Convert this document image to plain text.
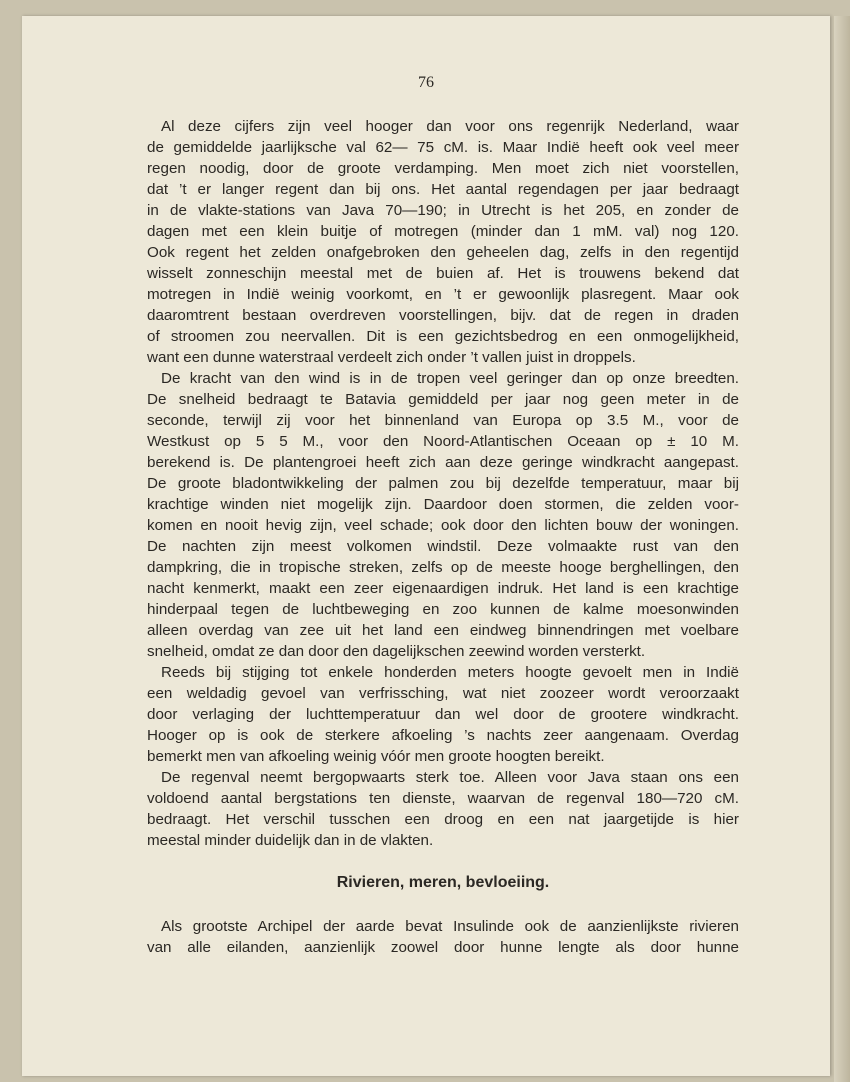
76

Al deze cijfers zijn veel hooger dan voor ons regenrijk Nederland, waar

de gemiddelde jaarlijksche val 62— 75 cM. is. Maar Indië heeft ook veel meer

regen noodig, door de groote verdamping. Men moet zich niet voorstellen,

dat ’t er langer regent dan bij ons. Het aantal regendagen per jaar bedraagt

in de vlakte-stations van Java 70—190; in Utrecht is het 205, en zonder de

dagen met een klein buitje of motregen (minder dan 1 mM. val) nog 120.

Ook regent het zelden onafgebroken den geheelen dag, zelfs in den regentijd

wisselt zonneschijn meestal met de buien af. Het is trouwens bekend dat

motregen in Indië weinig voorkomt, en ’t er gewoonlijk plasregent. Maar ook

daaromtrent bestaan overdreven voorstellingen, bijv. dat de regen in draden

of stroomen zou neervallen. Dit is een gezichtsbedrog en een onmogelijkheid,

want een dunne waterstraal verdeelt zich onder ’t vallen juist in droppels.

De kracht van den wind is in de tropen veel geringer dan op onze breedten.

De snelheid bedraagt te Batavia gemiddeld per jaar nog geen meter in de

seconde, terwijl zij voor het binnenland van Europa op 3.5 M., voor de

Westkust op 5 5 M., voor den Noord-Atlantischen Oceaan op ± 10 M.

berekend is. De plantengroei heeft zich aan deze geringe windkracht aangepast.

De groote bladontwikkeling der palmen zou bij dezelfde temperatuur, maar bij

krachtige winden niet mogelijk zijn. Daardoor doen stormen, die zelden voor-

komen en nooit hevig zijn, veel schade; ook door den lichten bouw der woningen.

De nachten zijn meest volkomen windstil. Deze volmaakte rust van den

dampkring, die in tropische streken, zelfs op de meeste hooge berghellingen, den

nacht kenmerkt, maakt een zeer eigenaardigen indruk. Het land is een krachtige

hinderpaal tegen de luchtbeweging en zoo kunnen de kalme moesonwinden

alleen overdag van zee uit het land een eindweg binnendringen met voelbare

snelheid, omdat ze dan door den dagelijkschen zeewind worden versterkt.

Reeds bij stijging tot enkele honderden meters hoogte gevoelt men in Indië

een weldadig gevoel van verfrissching, wat niet zoozeer wordt veroorzaakt

door verlaging der luchttemperatuur dan wel door de grootere windkracht.

Hooger op is ook de sterkere afkoeling ’s nachts zeer aangenaam. Overdag

bemerkt men van afkoeling weinig vóór men groote hoogten bereikt.

De regenval neemt bergopwaarts sterk toe. Alleen voor Java staan ons een

voldoend aantal bergstations ten dienste, waarvan de regenval 180—720 cM.

bedraagt. Het verschil tusschen een droog en een nat jaargetijde is hier

meestal minder duidelijk dan in de vlakten.

Rivieren, meren, bevloeiing.

Als grootste Archipel der aarde bevat Insulinde ook de aanzienlijkste rivieren

van alle eilanden, aanzienlijk zoowel door hunne lengte als door hunne
